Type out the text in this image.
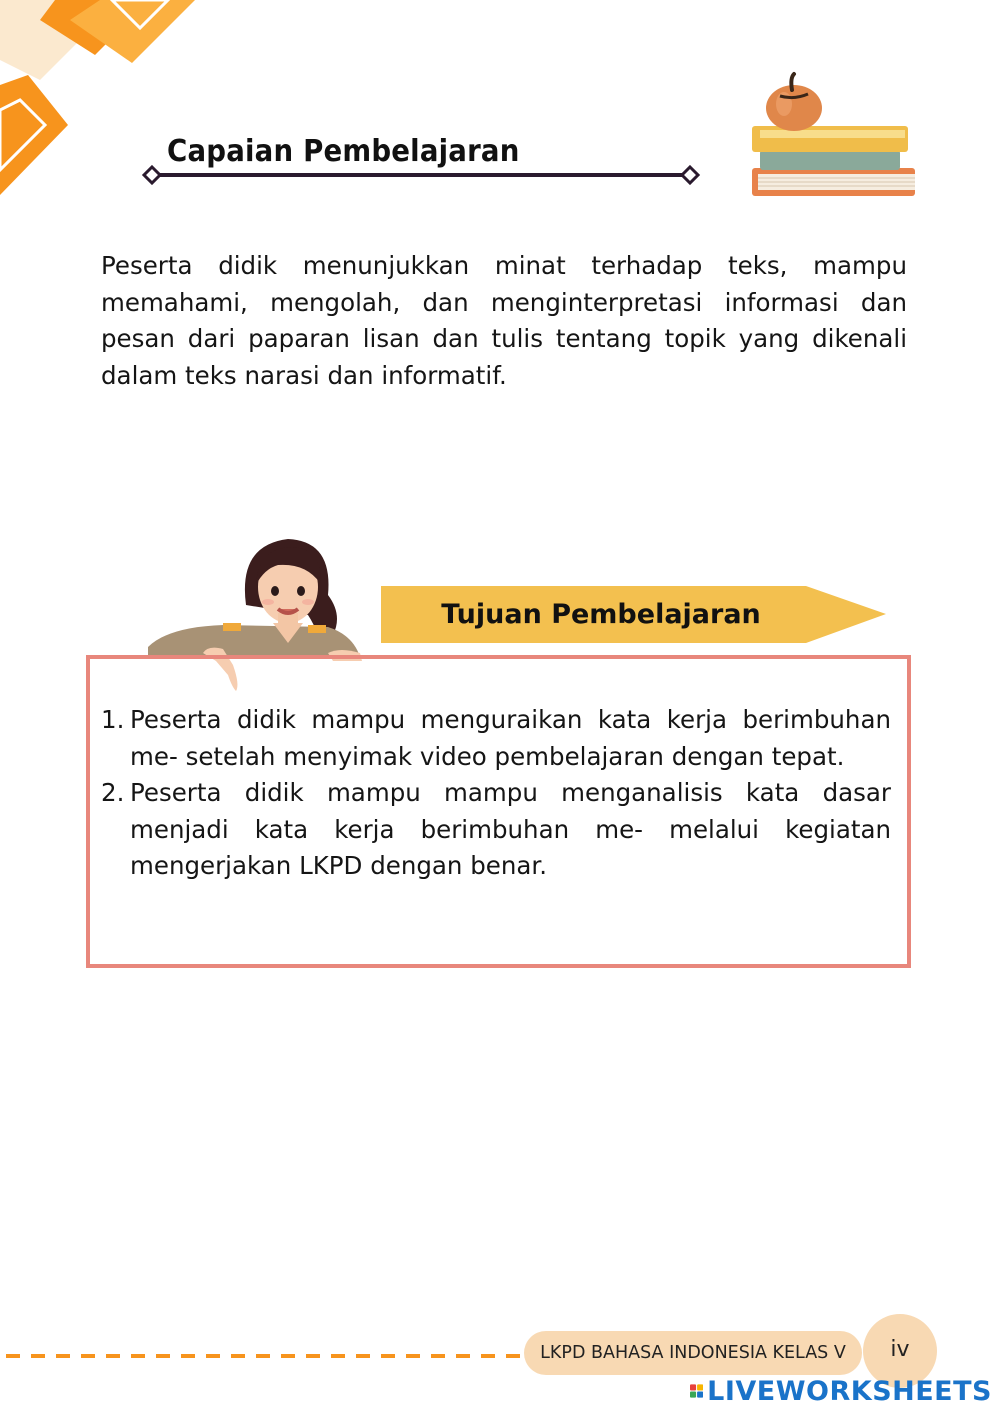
Capaian Pembelajaran
Peserta didik menunjukkan minat terhadap teks, mampu memahami, mengolah, dan menginterpretasi informasi dan pesan dari paparan lisan dan tulis tentang topik yang dikenali dalam teks narasi dan informatif.
Tujuan Pembelajaran
1. Peserta didik mampu menguraikan kata kerja berimbuhan me- setelah menyimak video pembelajaran dengan tepat.
2. Peserta didik mampu mampu menganalisis kata dasar menjadi kata kerja berimbuhan me- melalui kegiatan mengerjakan LKPD dengan benar.
LKPD BAHASA INDONESIA KELAS V	iv
LIVEWORKSHEETS
